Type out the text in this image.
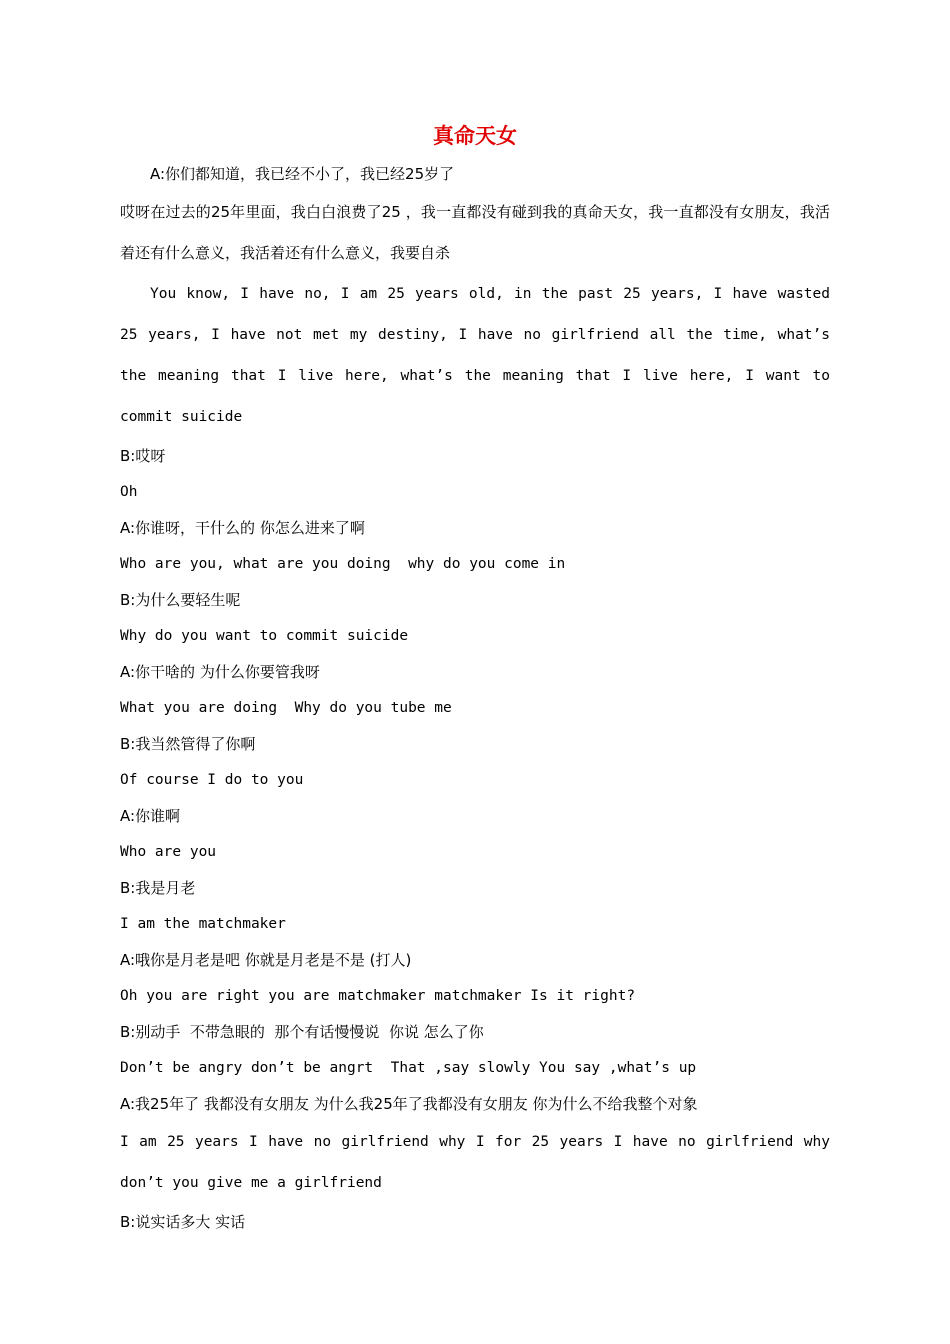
真命天女

A:你们都知道，我已经不小了，我已经25岁了

哎呀在过去的25年里面，我白白浪费了25 ，我一直都没有碰到我的真命天女，我一直都没有女朋友，我活着还有什么意义，我活着还有什么意义，我要自杀

You know, I have no, I am 25 years old, in the past 25 years, I have wasted 25 years, I have not met my destiny, I have no girlfriend all the time, what’s the meaning that I live here, what’s the meaning that I live here, I want to commit suicide

B:哎呀

Oh

A:你谁呀，干什么的 你怎么进来了啊

Who are you, what are you doing  why do you come in

B:为什么要轻生呢

Why do you want to commit suicide

A:你干啥的 为什么你要管我呀

What you are doing  Why do you tube me

B:我当然管得了你啊

Of course I do to you

A:你谁啊

Who are you

B:我是月老

I am the matchmaker

A:哦你是月老是吧 你就是月老是不是 (打人)

Oh you are right you are matchmaker matchmaker Is it right?

B:别动手  不带急眼的  那个有话慢慢说  你说 怎么了你

Don’t be angry don’t be angrt  That ,say slowly You say ,what’s up

A:我25年了 我都没有女朋友 为什么我25年了我都没有女朋友 你为什么不给我整个对象

I am 25 years I have no girlfriend why I for 25 years I have no girlfriend why don’t you give me a girlfriend

B:说实话多大 实话
